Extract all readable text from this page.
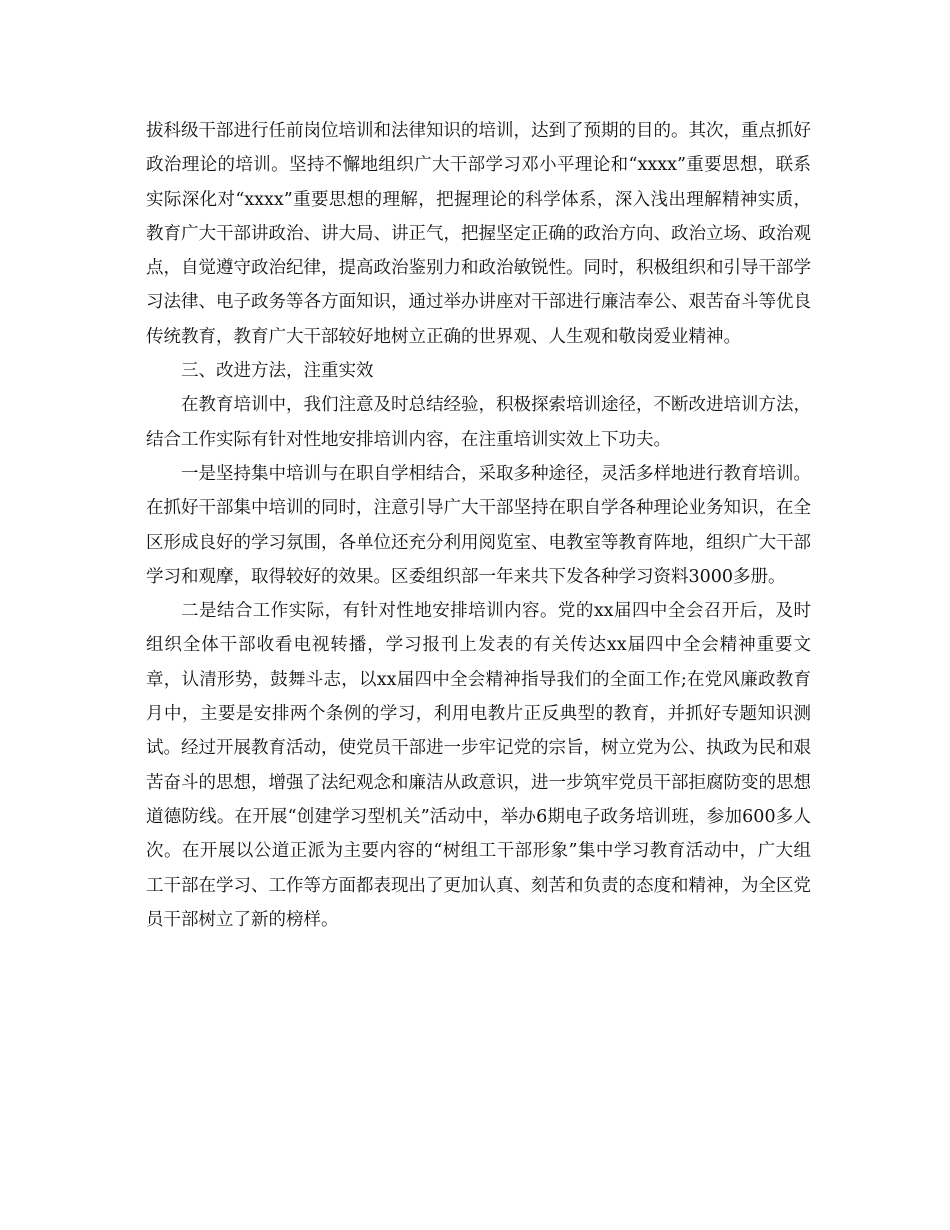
拔科级干部进行任前岗位培训和法律知识的培训，达到了预期的目的。其次，重点抓好政治理论的培训。坚持不懈地组织广大干部学习邓小平理论和“xxxx”重要思想，联系实际深化对“xxxx”重要思想的理解，把握理论的科学体系，深入浅出理解精神实质，教育广大干部讲政治、讲大局、讲正气，把握坚定正确的政治方向、政治立场、政治观点，自觉遵守政治纪律，提高政治鉴别力和政治敏锐性。同时，积极组织和引导干部学习法律、电子政务等各方面知识，通过举办讲座对干部进行廉洁奉公、艰苦奋斗等优良传统教育，教育广大干部较好地树立正确的世界观、人生观和敬岗爱业精神。

三、改进方法，注重实效

在教育培训中，我们注意及时总结经验，积极探索培训途径，不断改进培训方法，结合工作实际有针对性地安排培训内容，在注重培训实效上下功夫。

一是坚持集中培训与在职自学相结合，采取多种途径，灵活多样地进行教育培训。在抓好干部集中培训的同时，注意引导广大干部坚持在职自学各种理论业务知识，在全区形成良好的学习氛围，各单位还充分利用阅览室、电教室等教育阵地，组织广大干部学习和观摩，取得较好的效果。区委组织部一年来共下发各种学习资料3000多册。

二是结合工作实际，有针对性地安排培训内容。党的xx届四中全会召开后，及时组织全体干部收看电视转播，学习报刊上发表的有关传达xx届四中全会精神重要文章，认清形势，鼓舞斗志，以xx届四中全会精神指导我们的全面工作;在党风廉政教育月中，主要是安排两个条例的学习，利用电教片正反典型的教育，并抓好专题知识测试。经过开展教育活动，使党员干部进一步牢记党的宗旨，树立党为公、执政为民和艰苦奋斗的思想，增强了法纪观念和廉洁从政意识，进一步筑牢党员干部拒腐防变的思想道德防线。在开展“创建学习型机关”活动中，举办6期电子政务培训班，参加600多人次。在开展以公道正派为主要内容的“树组工干部形象”集中学习教育活动中，广大组工干部在学习、工作等方面都表现出了更加认真、刻苦和负责的态度和精神，为全区党员干部树立了新的榜样。
